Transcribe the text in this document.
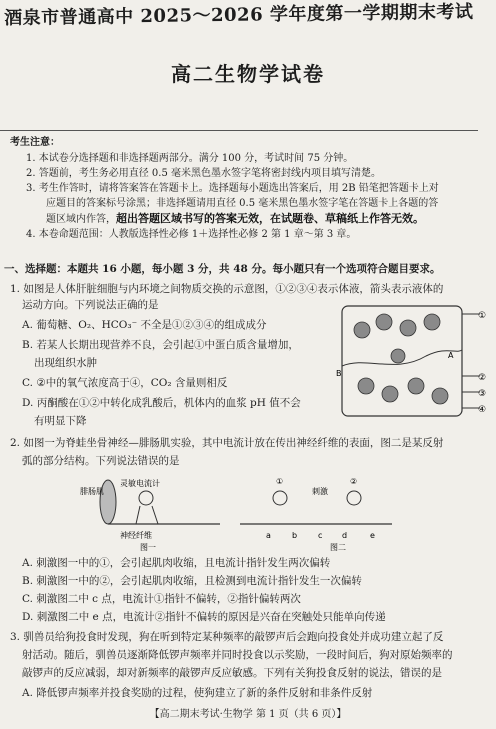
酒泉市普通高中 2025～2026 学年度第一学期期末考试
高二生物学试卷
考生注意：
1. 本试卷分选择题和非选择题两部分。满分 100 分，考试时间 75 分钟。
2. 答题前，考生务必用直径 0.5 毫米黑色墨水签字笔将密封线内项目填写清楚。
3. 考生作答时，请将答案答在答题卡上。选择题每小题选出答案后，用 2B 铅笔把答题卡上对
应题目的答案标号涂黑；非选择题请用直径 0.5 毫米黑色墨水签字笔在答题卡上各题的答
题区域内作答，超出答题区域书写的答案无效，在试题卷、草稿纸上作答无效。
4. 本卷命题范围：人教版选择性必修 1＋选择性必修 2 第 1 章～第 3 章。
一、选择题：本题共 16 小题，每小题 3 分，共 48 分。每小题只有一个选项符合题目要求。
1. 如图是人体肝脏细胞与内环境之间物质交换的示意图，①②③④表示体液，箭头表示液体的
运动方向。下列说法正确的是
A. 葡萄糖、O₂、HCO₃⁻ 不全是①②③④的组成成分
B. 若某人长期出现营养不良，会引起①中蛋白质含量增加，
出现组织水肿
C. ②中的氧气浓度高于④，CO₂ 含量则相反
D. 丙酮酸在①②中转化成乳酸后，机体内的血浆 pH 值不会
有明显下降
①
②
③
④
A
B
2. 如图一为脊蛙坐骨神经—腓肠肌实验，其中电流计放在传出神经纤维的表面，图二是某反射
弧的部分结构。下列说法错误的是
腓肠肌
灵敏电流计
神经纤维
图一
①	②
刺激
a	b	c d	e
图二
A. 刺激图一中的①，会引起肌肉收缩，且电流计指针发生两次偏转
B. 刺激图一中的②，会引起肌肉收缩，且检测到电流计指针发生一次偏转
C. 刺激图二中 c 点，电流计①指针不偏转，②指针偏转两次
D. 刺激图二中 e 点，电流计②指针不偏转的原因是兴奋在突触处只能单向传递
3. 驯兽员给狗投食时发现，狗在听到特定某种频率的敲锣声后会跑向投食处并成功建立起了反
射活动。随后，驯兽员逐渐降低锣声频率并同时投食以示奖励，一段时间后，狗对原始频率的
敲锣声的反应减弱，却对新频率的敲锣声反应敏感。下列有关狗投食反射的说法，错误的是
A. 降低锣声频率并投食奖励的过程，使狗建立了新的条件反射和非条件反射
【高二期末考试·生物学 第 1 页（共 6 页）】
